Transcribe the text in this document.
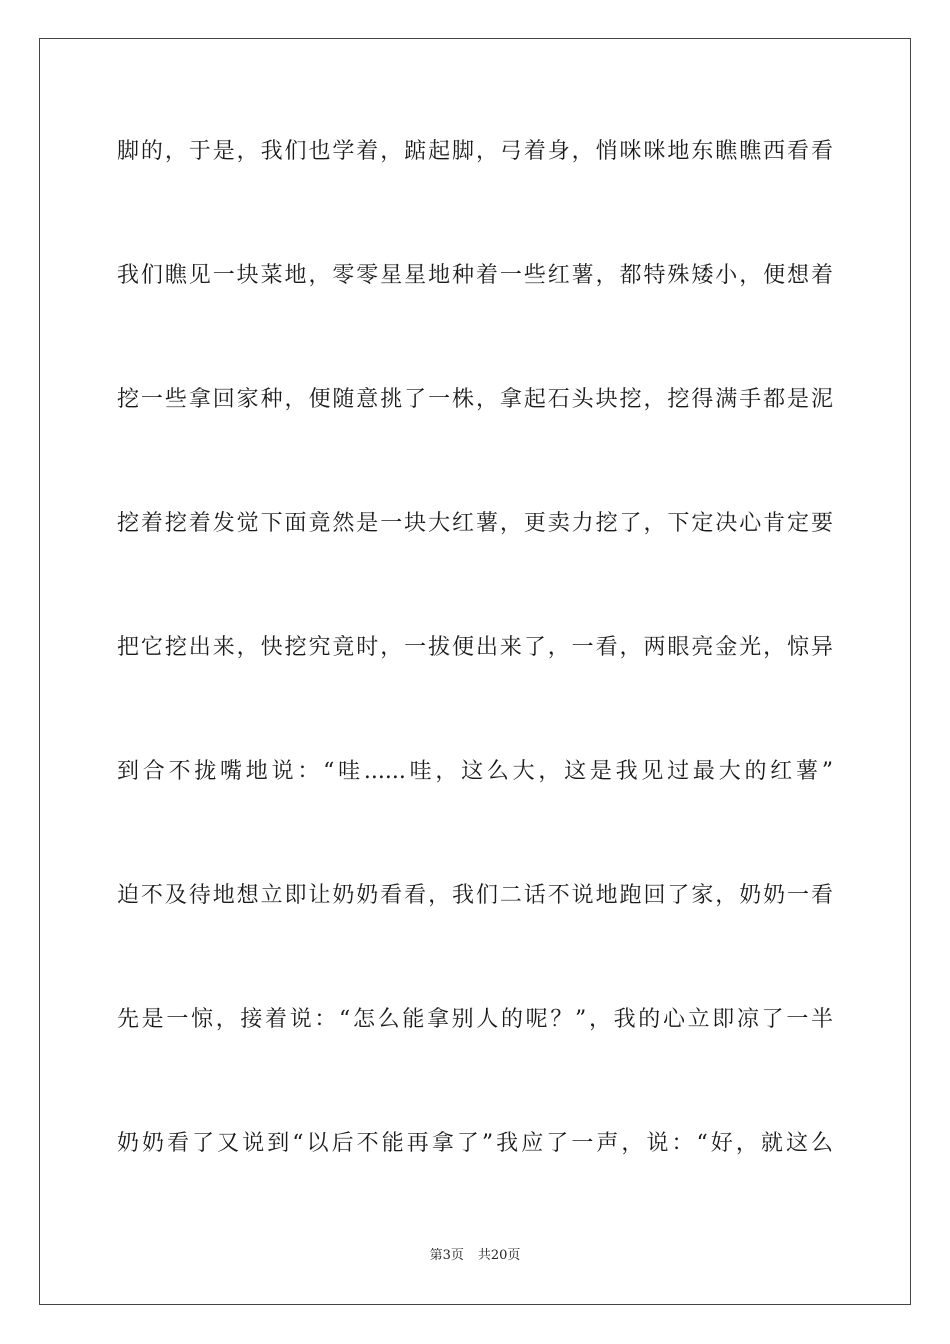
脚的，于是，我们也学着，踮起脚，弓着身，悄咪咪地东瞧瞧西看看
我们瞧见一块菜地，零零星星地种着一些红薯，都特殊矮小，便想着
挖一些拿回家种，便随意挑了一株，拿起石头块挖，挖得满手都是泥
挖着挖着发觉下面竟然是一块大红薯，更卖力挖了，下定决心肯定要
把它挖出来，快挖究竟时，一拔便出来了，一看，两眼亮金光，惊异
到合不拢嘴地说：“哇......哇，这么大，这是我见过最大的红薯”
迫不及待地想立即让奶奶看看，我们二话不说地跑回了家，奶奶一看
先是一惊，接着说：“怎么能拿别人的呢？”，我的心立即凉了一半
奶奶看了又说到“以后不能再拿了”我应了一声，说：“好，就这么
第3页 共20页
